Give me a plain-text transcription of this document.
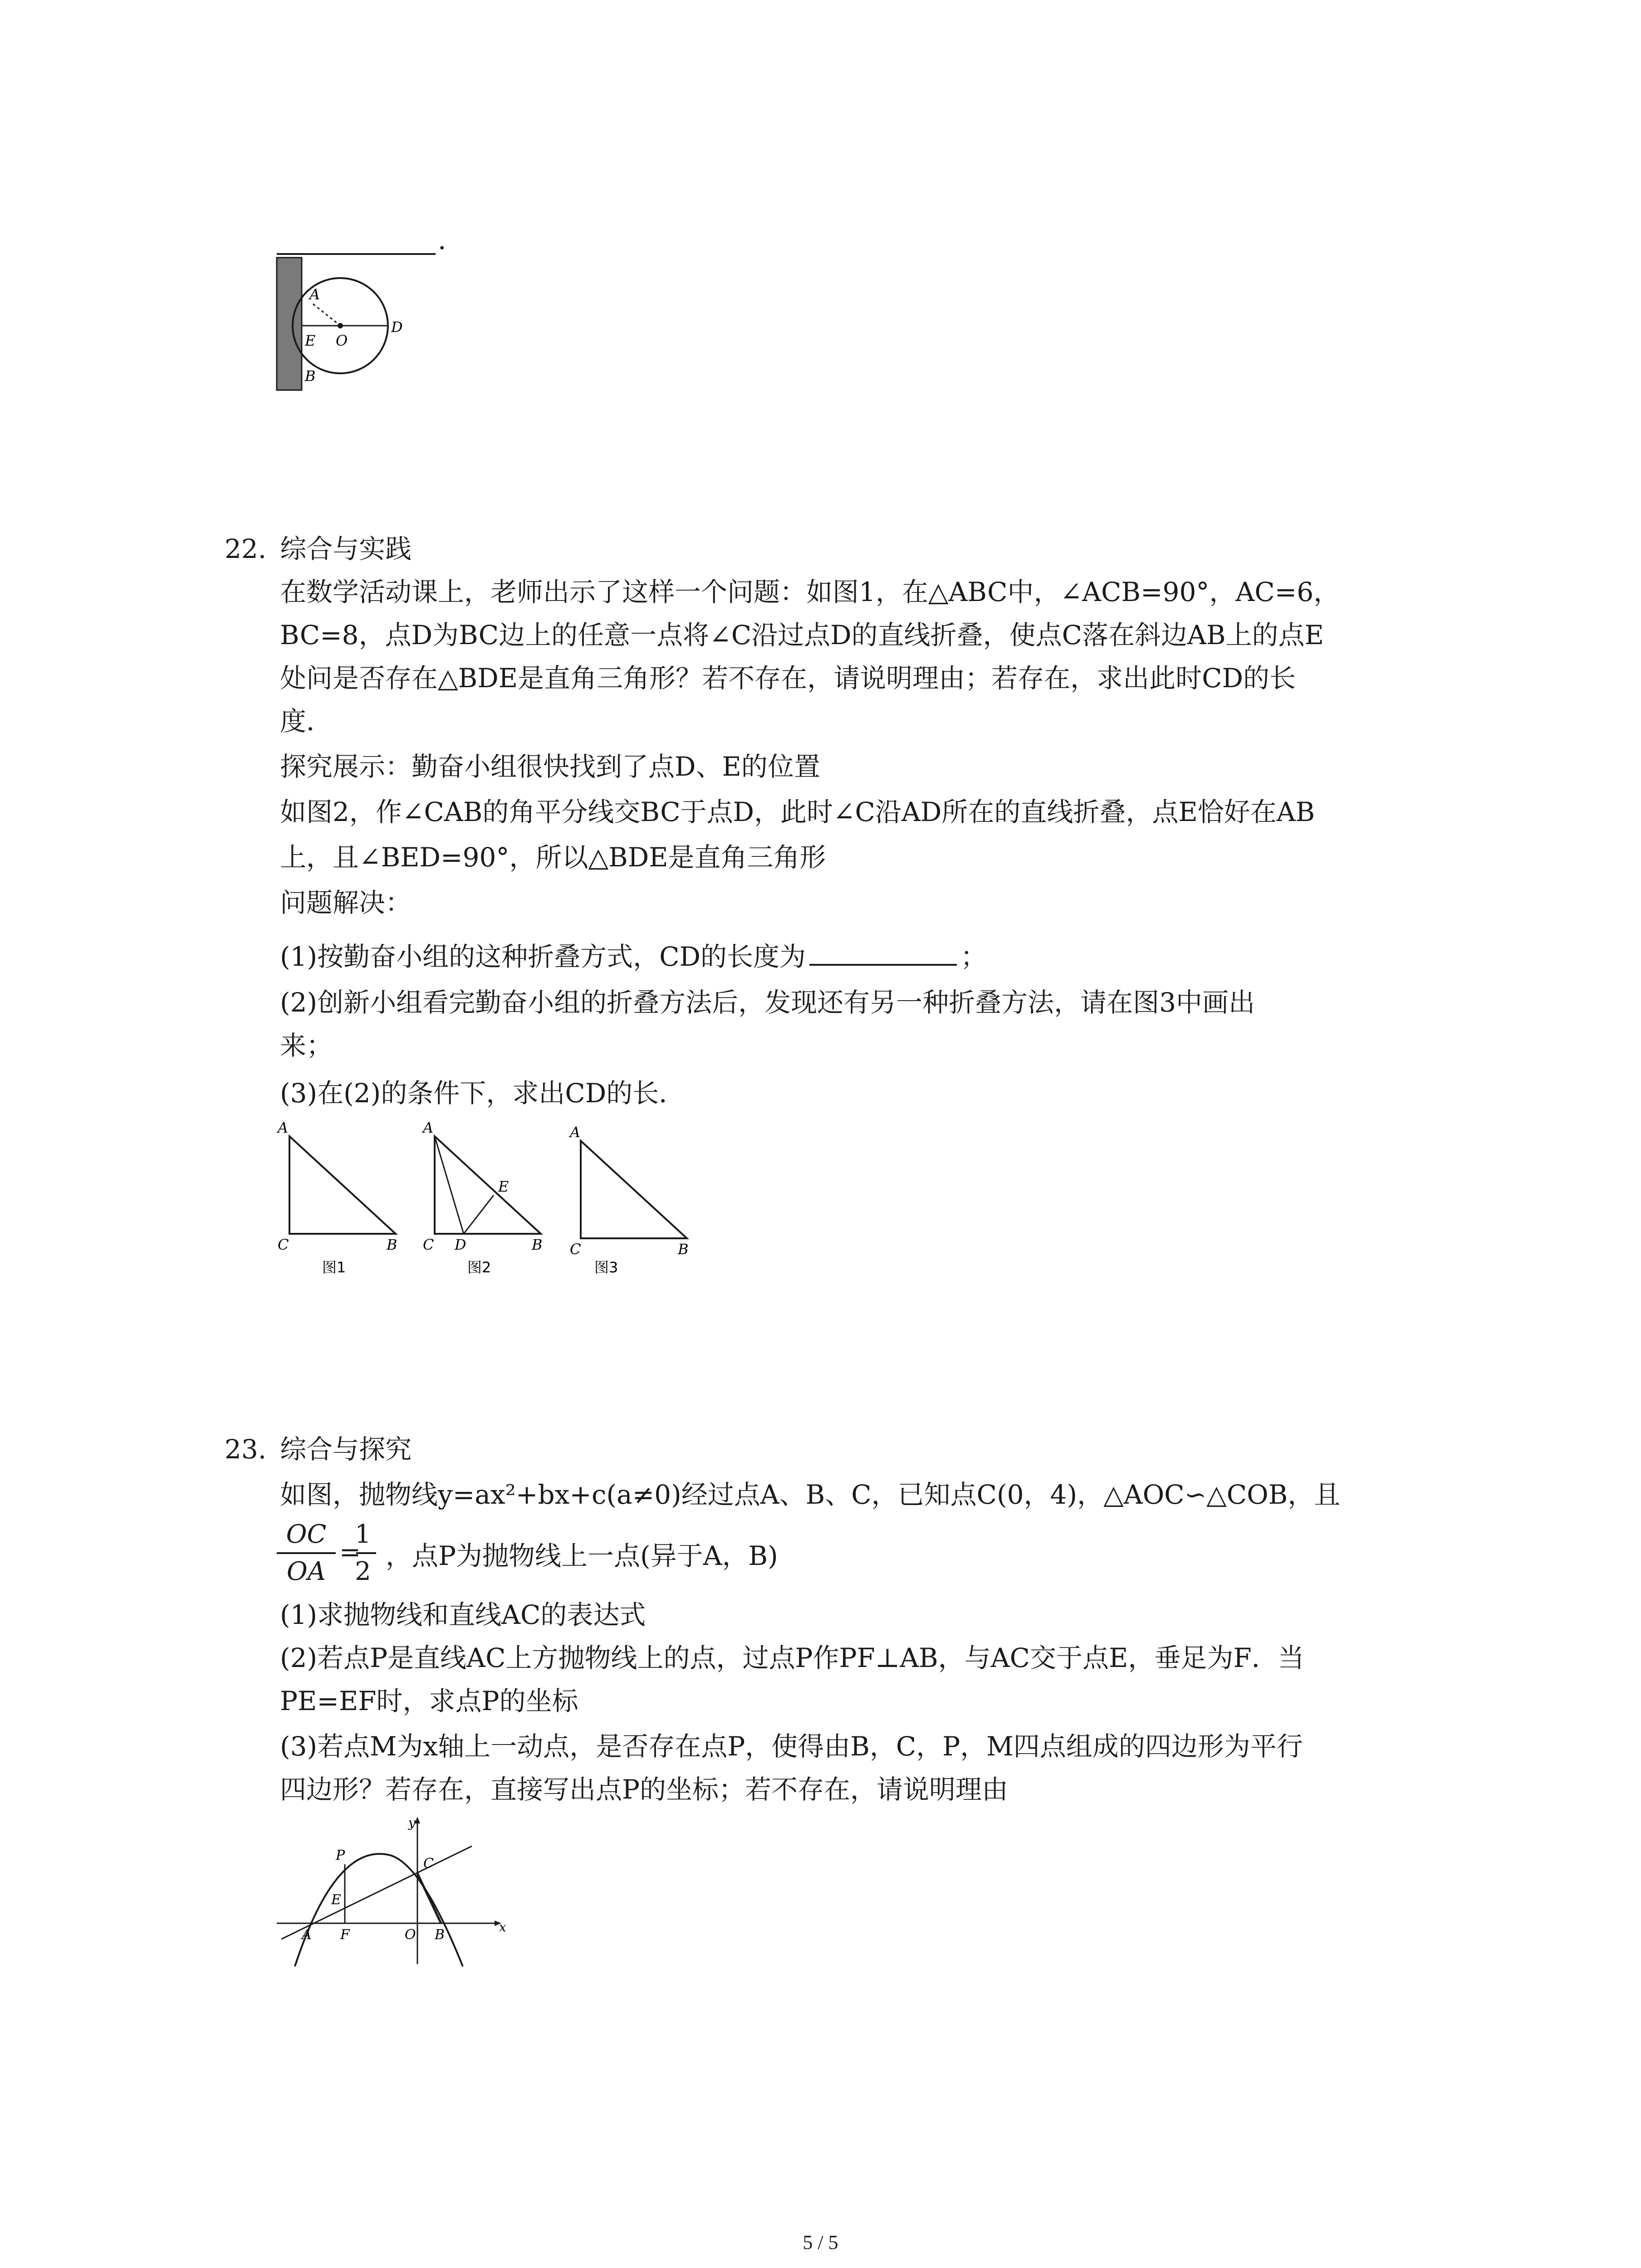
A
E O
D
B
.
22. 综合与实践
在数学活动课上，老师出示了这样一个问题：如图1，在△ABC中，∠ACB=90°，AC=6，
BC=8，点D为BC边上的任意一点将∠C沿过点D的直线折叠，使点C落在斜边AB上的点E
处问是否存在△BDE是直角三角形？若不存在，请说明理由；若存在，求出此时CD的长
度．
探究展示：勤奋小组很快找到了点D、E的位置
如图2，作∠CAB的角平分线交BC于点D，此时∠C沿AD所在的直线折叠，点E恰好在AB
上，且∠BED=90°，所以△BDE是直角三角形
问题解决：
(1)按勤奋小组的这种折叠方式，CD的长度为	；
(2)创新小组看完勤奋小组的折叠方法后，发现还有另一种折叠方法，请在图3中画出
来；
(3)在(2)的条件下，求出CD的长．
A
C	B
图1
A
C D
E
B
图2
A
C	B
图3
23. 综合与探究
如图，抛物线y=ax²+bx+c(a≠0)经过点A、B、C，已知点C(0，4)，△AOC∽△COB，且
OC
OA
=
1
2
，点P为抛物线上一点(异于A，B)
(1)求抛物线和直线AC的表达式
(2)若点P是直线AC上方抛物线上的点，过点P作PF⊥AB，与AC交于点E，垂足为F．当
PE=EF时，求点P的坐标
(3)若点M为x轴上一动点，是否存在点P，使得由B，C，P，M四点组成的四边形为平行
四边形？若存在，直接写出点P的坐标；若不存在，请说明理由
y
x
P
C
E
A F	O B
5 / 5
